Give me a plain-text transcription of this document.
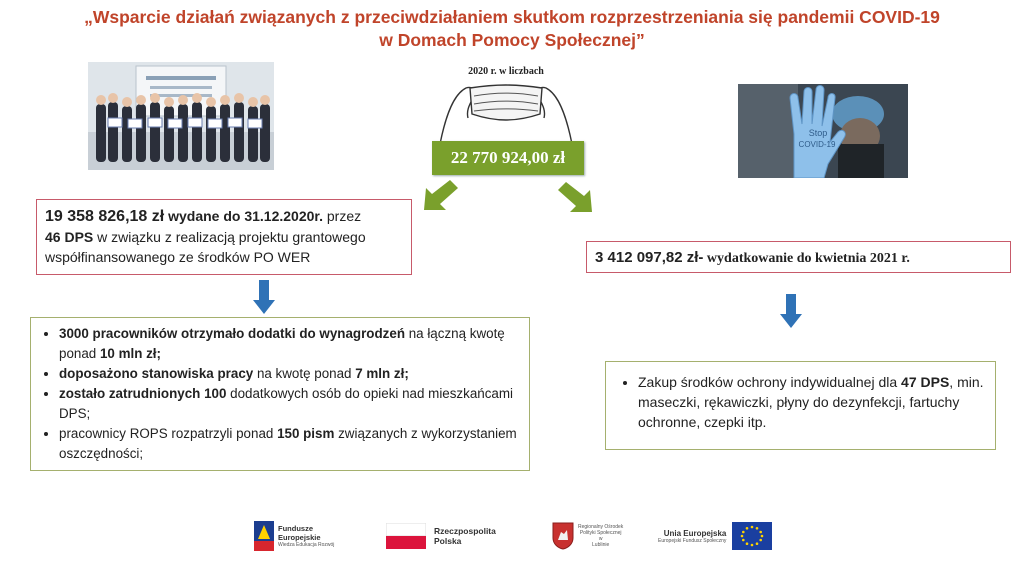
„Wsparcie działań związanych z przeciwdziałaniem skutkom rozprzestrzeniania się pandemii COVID-19
w Domach Pomocy Społecznej”
2020 r. w liczbach
22 770 924,00 zł
Stop
COVID-19
19 358 826,18 zł wydane do 31.12.2020r. przez
46 DPS w związku z realizacją projektu grantowego współfinansowanego ze środków PO WER	3 412 097,82 zł- wydatkowanie do kwietnia 2021 r.
• 3000 pracowników otrzymało dodatki do wynagrodzeń na łączną kwotę ponad 10 mln zł;
• doposażono stanowiska pracy na kwotę ponad 7 mln zł;
• zostało zatrudnionych 100 dodatkowych osób do opieki nad mieszkańcami DPS;
• pracownicy ROPS rozpatrzyli ponad 150 pism związanych z wykorzystaniem oszczędności;
• Zakup środków ochrony indywidualnej dla 47 DPS, min. maseczki, rękawiczki, płyny do dezynfekcji, fartuchy ochronne, czepki itp.
Fundusze
Europejskie
Wiedza Edukacja Rozwój
Rzeczpospolita
Polska
Regionalny Ośrodek
Polityki Społecznej
w
Lublinie
Unia Europejska
Europejski Fundusz Społeczny
